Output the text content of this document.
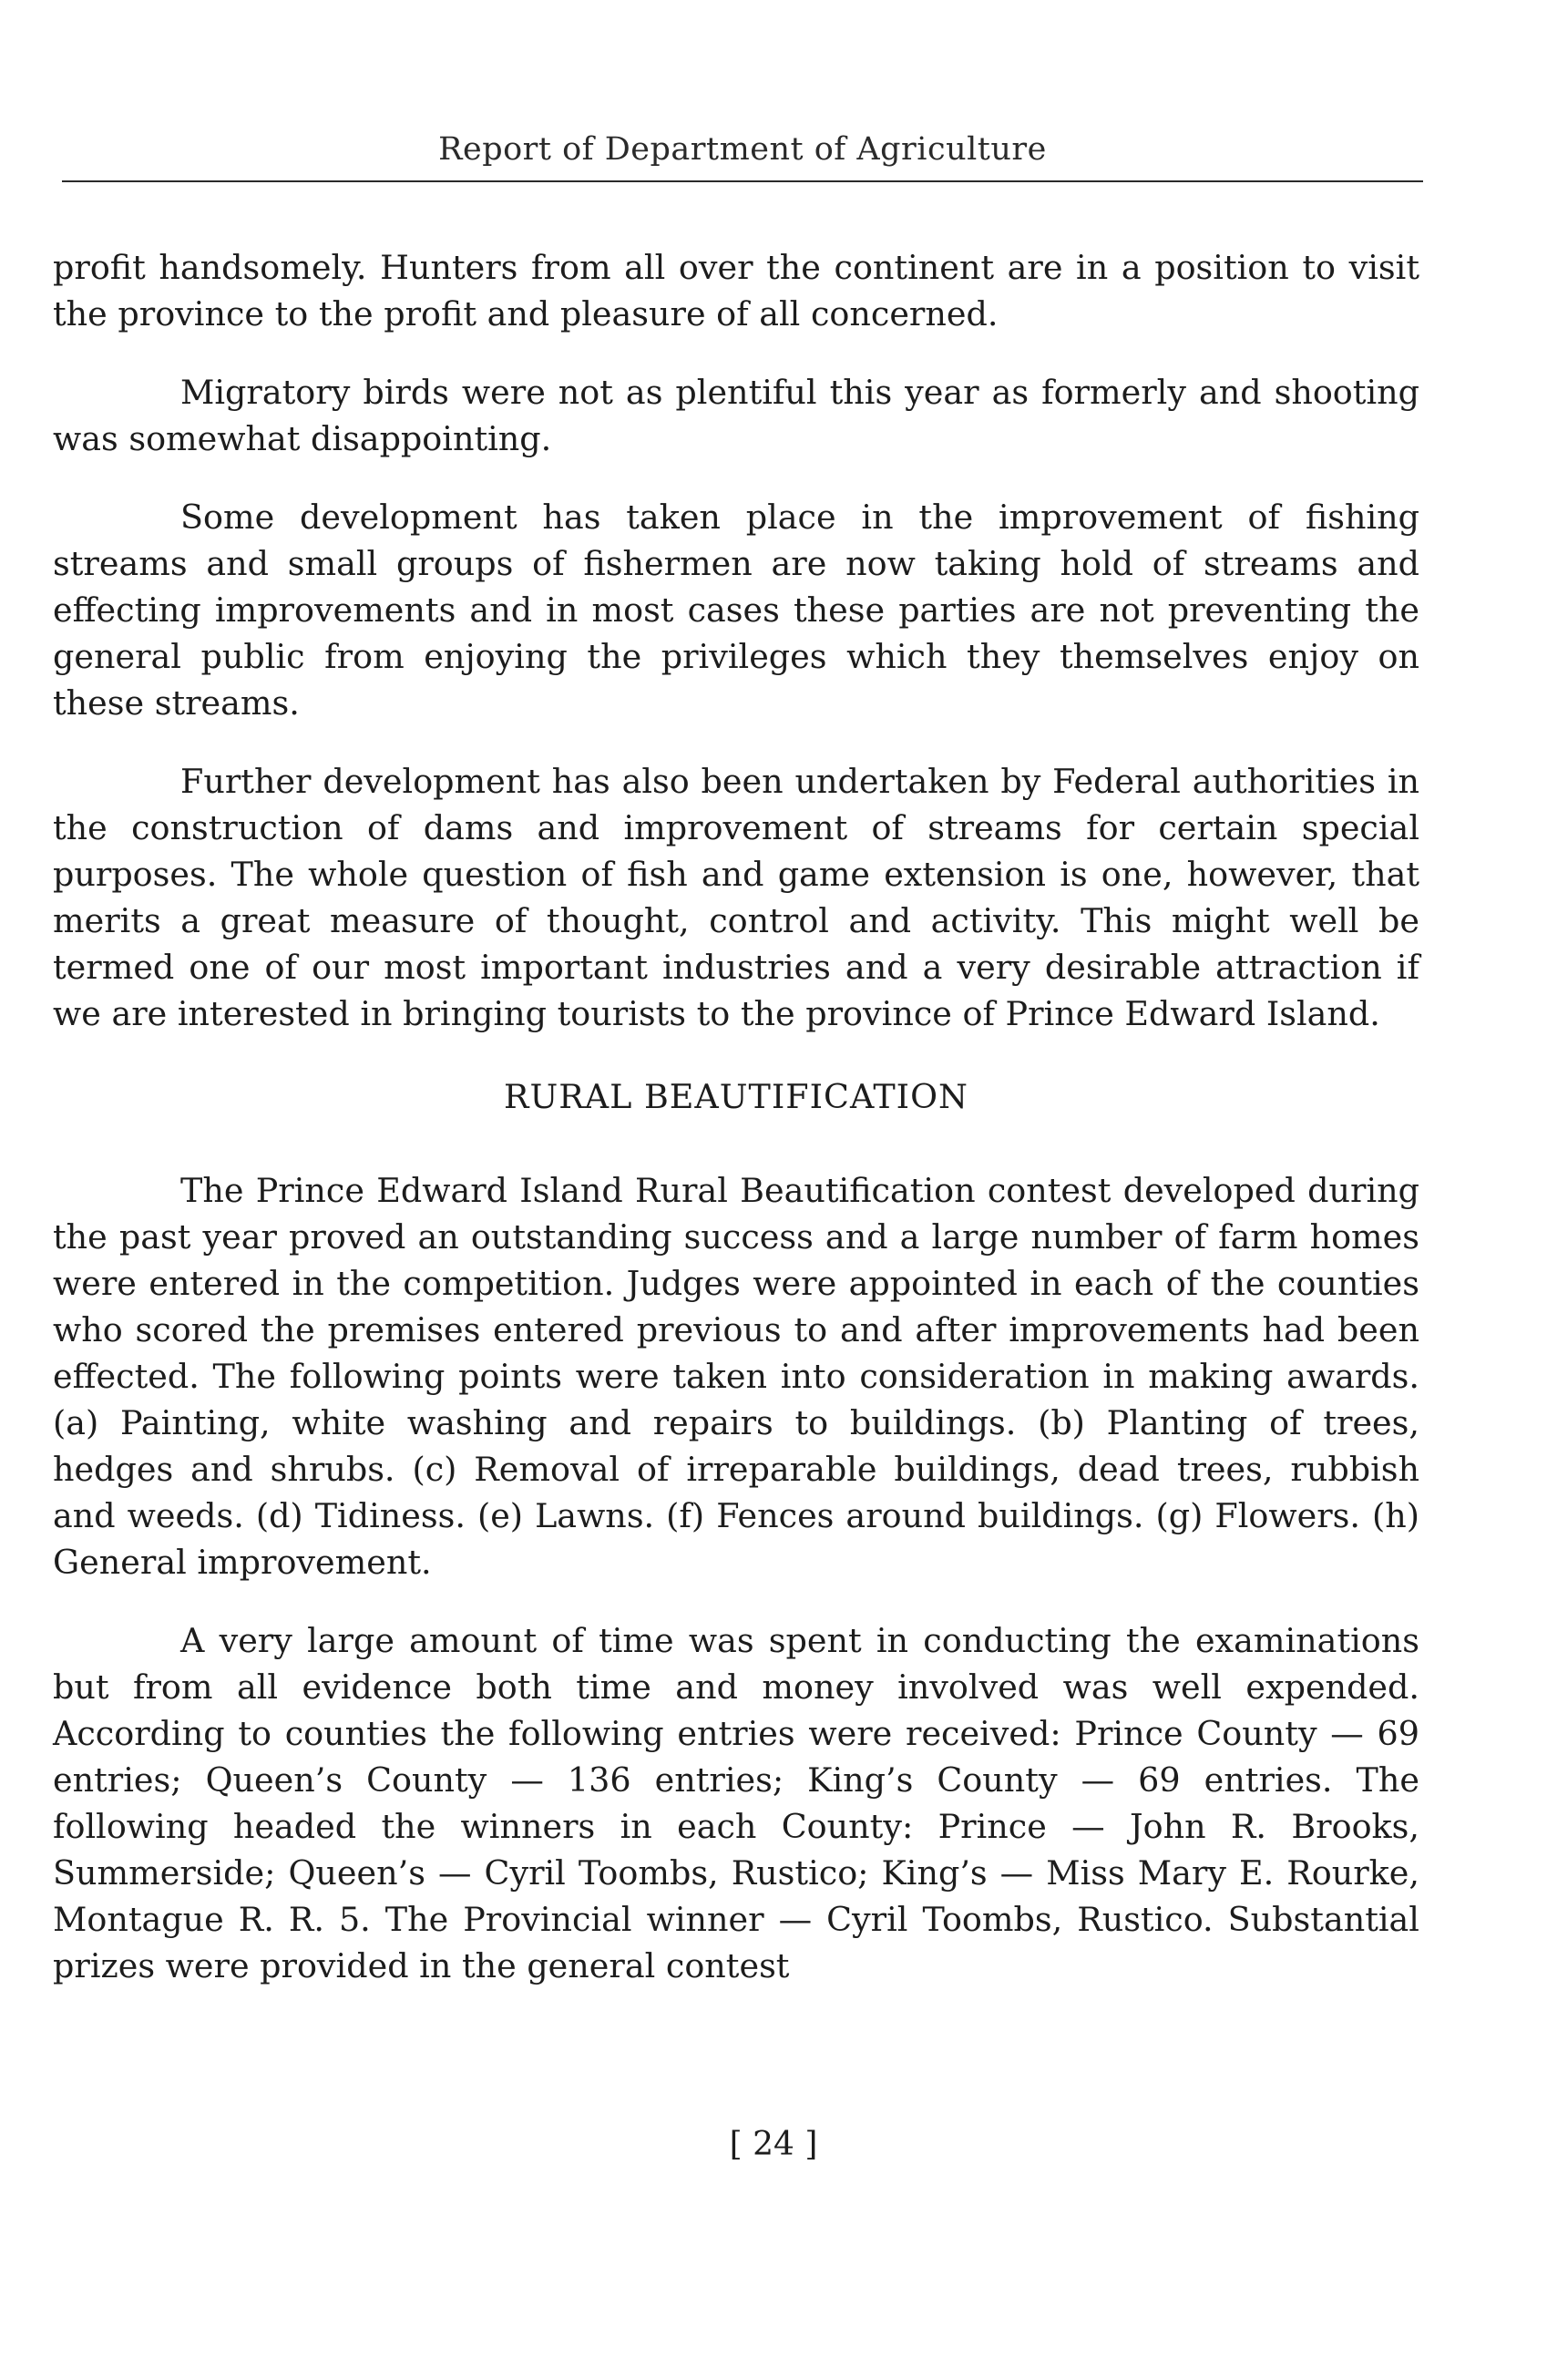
Report of Department of Agriculture

profit handsomely. Hunters from all over the continent are in a position to visit the province to the profit and pleasure of all concerned.

Migratory birds were not as plentiful this year as formerly and shooting was somewhat disappointing.

Some development has taken place in the improvement of fishing streams and small groups of fishermen are now taking hold of streams and effecting improvements and in most cases these parties are not preventing the general public from enjoying the privileges which they themselves enjoy on these streams.

Further development has also been undertaken by Federal authorities in the construction of dams and improvement of streams for certain special purposes. The whole question of fish and game extension is one, however, that merits a great measure of thought, control and activity. This might well be termed one of our most important industries and a very desirable attraction if we are interested in bringing tourists to the province of Prince Edward Island.

RURAL BEAUTIFICATION

The Prince Edward Island Rural Beautification contest developed during the past year proved an outstanding success and a large number of farm homes were entered in the competition. Judges were appointed in each of the counties who scored the premises entered previous to and after improvements had been effected. The following points were taken into consideration in making awards. (a) Painting, white washing and repairs to buildings. (b) Planting of trees, hedges and shrubs. (c) Removal of irreparable buildings, dead trees, rubbish and weeds. (d) Tidiness. (e) Lawns. (f) Fences around buildings. (g) Flowers. (h) General improvement.

A very large amount of time was spent in conducting the examinations but from all evidence both time and money involved was well expended. According to counties the following entries were received: Prince County — 69 entries; Queen’s County — 136 entries; King’s County — 69 entries. The following headed the winners in each County: Prince — John R. Brooks, Summerside; Queen’s — Cyril Toombs, Rustico; King’s — Miss Mary E. Rourke, Montague R. R. 5. The Provincial winner — Cyril Toombs, Rustico. Substantial prizes were provided in the general contest

[ 24 ]
